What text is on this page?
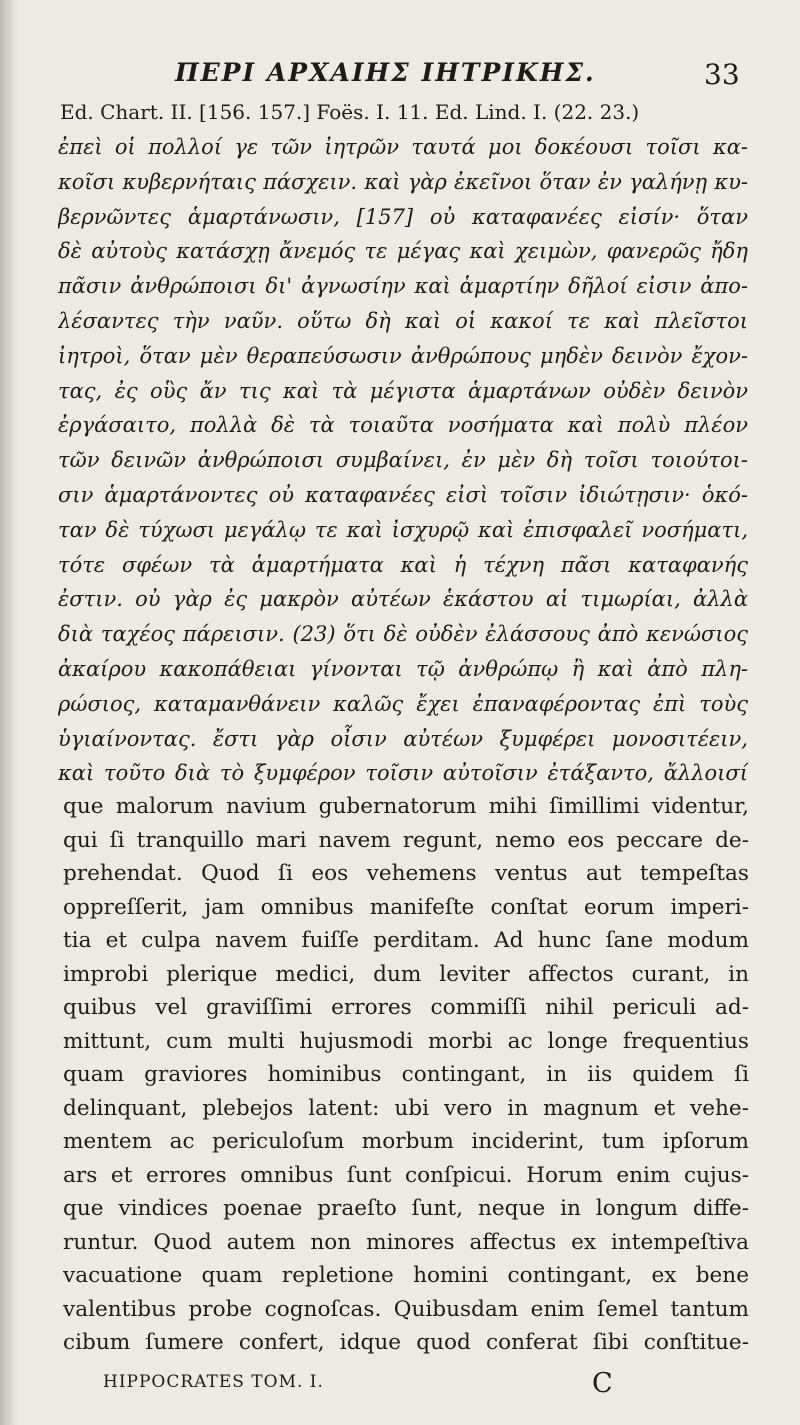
ΠΕΡΙ ΑΡΧΑΙΗΣ ΙΗΤΡΙΚΗΣ.	33
Ed. Chart. II. [156. 157.] Foës. I. 11. Ed. Lind. I. (22. 23.)
ἐπεὶ οἱ πολλοί γε τῶν ἰητρῶν ταυτά μοι δοκέουσι τοῖσι κα-
κοῖσι κυβερνήταις πάσχειν. καὶ γὰρ ἐκεῖνοι ὅταν ἐν γαλήνῃ κυ-
βερνῶντες ἁμαρτάνωσιν, [157] οὐ καταφανέες εἰσίν· ὅταν
δὲ αὐτοὺς κατάσχῃ ἄνεμός τε μέγας καὶ χειμὼν, φανερῶς ἤδη
πᾶσιν ἀνθρώποισι δι' ἀγνωσίην καὶ ἁμαρτίην δῆλοί εἰσιν ἀπο-
λέσαντες τὴν ναῦν. οὕτω δὴ καὶ οἱ κακοί τε καὶ πλεῖστοι
ἰητροὶ, ὅταν μὲν θεραπεύσωσιν ἀνθρώπους μηδὲν δεινὸν ἔχον-
τας, ἐς οὓς ἄν τις καὶ τὰ μέγιστα ἁμαρτάνων οὐδὲν δεινὸν
ἐργάσαιτο, πολλὰ δὲ τὰ τοιαῦτα νοσήματα καὶ πολὺ πλέον
τῶν δεινῶν ἀνθρώποισι συμβαίνει, ἐν μὲν δὴ τοῖσι τοιούτοι-
σιν ἁμαρτάνοντες οὐ καταφανέες εἰσὶ τοῖσιν ἰδιώτῃσιν· ὁκό-
ταν δὲ τύχωσι μεγάλῳ τε καὶ ἰσχυρῷ καὶ ἐπισφαλεῖ νοσήματι,
τότε σφέων τὰ ἁμαρτήματα καὶ ἡ τέχνη πᾶσι καταφανής
ἐστιν. οὐ γὰρ ἐς μακρὸν αὐτέων ἑκάστου αἱ τιμωρίαι, ἀλλὰ
διὰ ταχέος πάρεισιν. (23) ὅτι δὲ οὐδὲν ἐλάσσους ἀπὸ κενώσιος
ἀκαίρου κακοπάθειαι γίνονται τῷ ἀνθρώπῳ ἢ καὶ ἀπὸ πλη-
ρώσιος, καταμανθάνειν καλῶς ἔχει ἐπαναφέροντας ἐπὶ τοὺς
ὑγιαίνοντας. ἔστι γὰρ οἶσιν αὐτέων ξυμφέρει μονοσιτέειν,
καὶ τοῦτο διὰ τὸ ξυμφέρον τοῖσιν αὐτοῖσιν ἐτάξαντο, ἄλλοισί
que malorum navium gubernatorum mihi ſimillimi videntur,
qui ſi tranquillo mari navem regunt, nemo eos peccare de-
prehendat. Quod ſi eos vehemens ventus aut tempeſtas
oppreſſerit, jam omnibus manifeſte conſtat eorum imperi-
tia et culpa navem fuiſſe perditam. Ad hunc ſane modum
improbi plerique medici, dum leviter affectos curant, in
quibus vel graviſſimi errores commiſſi nihil periculi ad-
mittunt, cum multi hujusmodi morbi ac longe frequentius
quam graviores hominibus contingant, in iis quidem ſi
delinquant, plebejos latent: ubi vero in magnum et vehe-
mentem ac periculoſum morbum inciderint, tum ipſorum
ars et errores omnibus ſunt conſpicui. Horum enim cujus-
que vindices poenae praeſto ſunt, neque in longum diffe-
runtur. Quod autem non minores affectus ex intempeſtiva
vacuatione quam repletione homini contingant, ex bene
valentibus probe cognoſcas. Quibusdam enim ſemel tantum
cibum ſumere confert, idque quod conferat ſibi conſtitue-
HIPPOCRATES TOM. I.	C
